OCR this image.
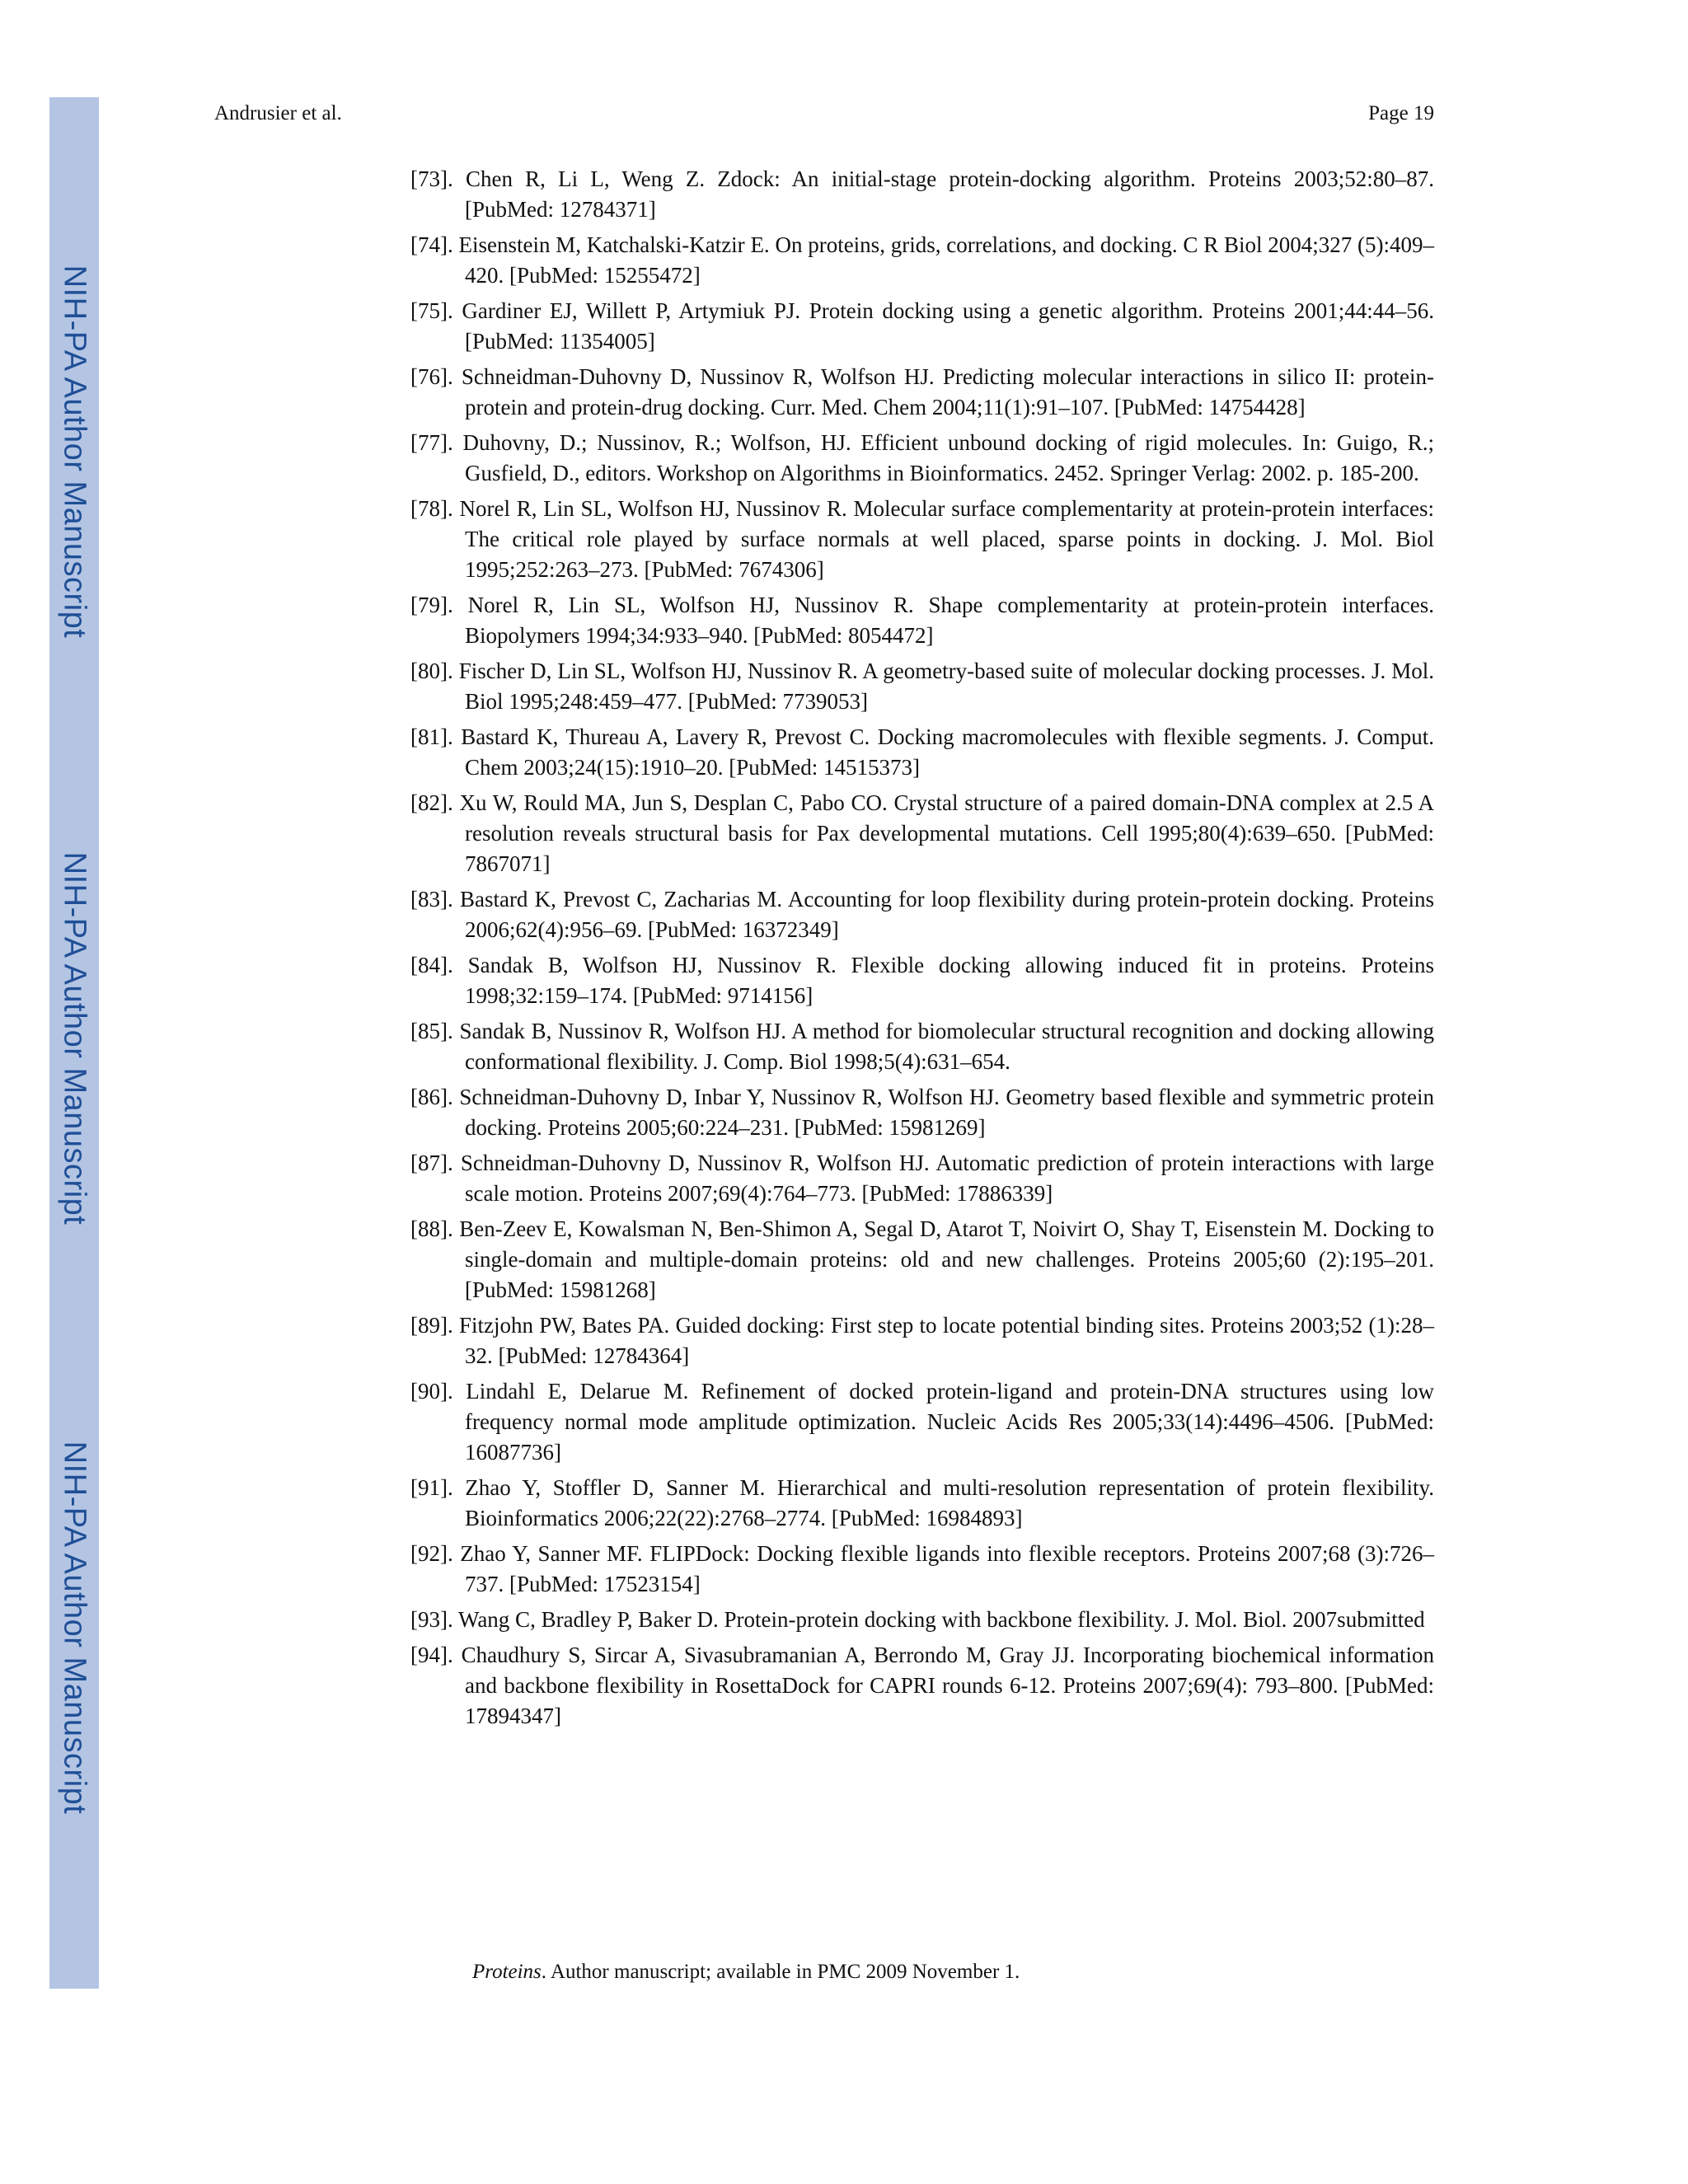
NIH-PA Author Manuscript
NIH-PA Author Manuscript
NIH-PA Author Manuscript
Andrusier et al.	Page 19
[73]. Chen R, Li L, Weng Z. Zdock: An initial-stage protein-docking algorithm. Proteins 2003;52:80–87. [PubMed: 12784371]
[74]. Eisenstein M, Katchalski-Katzir E. On proteins, grids, correlations, and docking. C R Biol 2004;327 (5):409–420. [PubMed: 15255472]
[75]. Gardiner EJ, Willett P, Artymiuk PJ. Protein docking using a genetic algorithm. Proteins 2001;44:44–56. [PubMed: 11354005]
[76]. Schneidman-Duhovny D, Nussinov R, Wolfson HJ. Predicting molecular interactions in silico II: protein-protein and protein-drug docking. Curr. Med. Chem 2004;11(1):91–107. [PubMed: 14754428]
[77]. Duhovny, D.; Nussinov, R.; Wolfson, HJ. Efficient unbound docking of rigid molecules. In: Guigo, R.; Gusfield, D., editors. Workshop on Algorithms in Bioinformatics. 2452. Springer Verlag: 2002. p. 185-200.
[78]. Norel R, Lin SL, Wolfson HJ, Nussinov R. Molecular surface complementarity at protein-protein interfaces: The critical role played by surface normals at well placed, sparse points in docking. J. Mol. Biol 1995;252:263–273. [PubMed: 7674306]
[79]. Norel R, Lin SL, Wolfson HJ, Nussinov R. Shape complementarity at protein-protein interfaces. Biopolymers 1994;34:933–940. [PubMed: 8054472]
[80]. Fischer D, Lin SL, Wolfson HJ, Nussinov R. A geometry-based suite of molecular docking processes. J. Mol. Biol 1995;248:459–477. [PubMed: 7739053]
[81]. Bastard K, Thureau A, Lavery R, Prevost C. Docking macromolecules with flexible segments. J. Comput. Chem 2003;24(15):1910–20. [PubMed: 14515373]
[82]. Xu W, Rould MA, Jun S, Desplan C, Pabo CO. Crystal structure of a paired domain-DNA complex at 2.5 A resolution reveals structural basis for Pax developmental mutations. Cell 1995;80(4):639–650. [PubMed: 7867071]
[83]. Bastard K, Prevost C, Zacharias M. Accounting for loop flexibility during protein-protein docking. Proteins 2006;62(4):956–69. [PubMed: 16372349]
[84]. Sandak B, Wolfson HJ, Nussinov R. Flexible docking allowing induced fit in proteins. Proteins 1998;32:159–174. [PubMed: 9714156]
[85]. Sandak B, Nussinov R, Wolfson HJ. A method for biomolecular structural recognition and docking allowing conformational flexibility. J. Comp. Biol 1998;5(4):631–654.
[86]. Schneidman-Duhovny D, Inbar Y, Nussinov R, Wolfson HJ. Geometry based flexible and symmetric protein docking. Proteins 2005;60:224–231. [PubMed: 15981269]
[87]. Schneidman-Duhovny D, Nussinov R, Wolfson HJ. Automatic prediction of protein interactions with large scale motion. Proteins 2007;69(4):764–773. [PubMed: 17886339]
[88]. Ben-Zeev E, Kowalsman N, Ben-Shimon A, Segal D, Atarot T, Noivirt O, Shay T, Eisenstein M. Docking to single-domain and multiple-domain proteins: old and new challenges. Proteins 2005;60 (2):195–201. [PubMed: 15981268]
[89]. Fitzjohn PW, Bates PA. Guided docking: First step to locate potential binding sites. Proteins 2003;52 (1):28–32. [PubMed: 12784364]
[90]. Lindahl E, Delarue M. Refinement of docked protein-ligand and protein-DNA structures using low frequency normal mode amplitude optimization. Nucleic Acids Res 2005;33(14):4496–4506. [PubMed: 16087736]
[91]. Zhao Y, Stoffler D, Sanner M. Hierarchical and multi-resolution representation of protein flexibility. Bioinformatics 2006;22(22):2768–2774. [PubMed: 16984893]
[92]. Zhao Y, Sanner MF. FLIPDock: Docking flexible ligands into flexible receptors. Proteins 2007;68 (3):726–737. [PubMed: 17523154]
[93]. Wang C, Bradley P, Baker D. Protein-protein docking with backbone flexibility. J. Mol. Biol. 2007submitted
[94]. Chaudhury S, Sircar A, Sivasubramanian A, Berrondo M, Gray JJ. Incorporating biochemical information and backbone flexibility in RosettaDock for CAPRI rounds 6-12. Proteins 2007;69(4): 793–800. [PubMed: 17894347]
Proteins. Author manuscript; available in PMC 2009 November 1.
